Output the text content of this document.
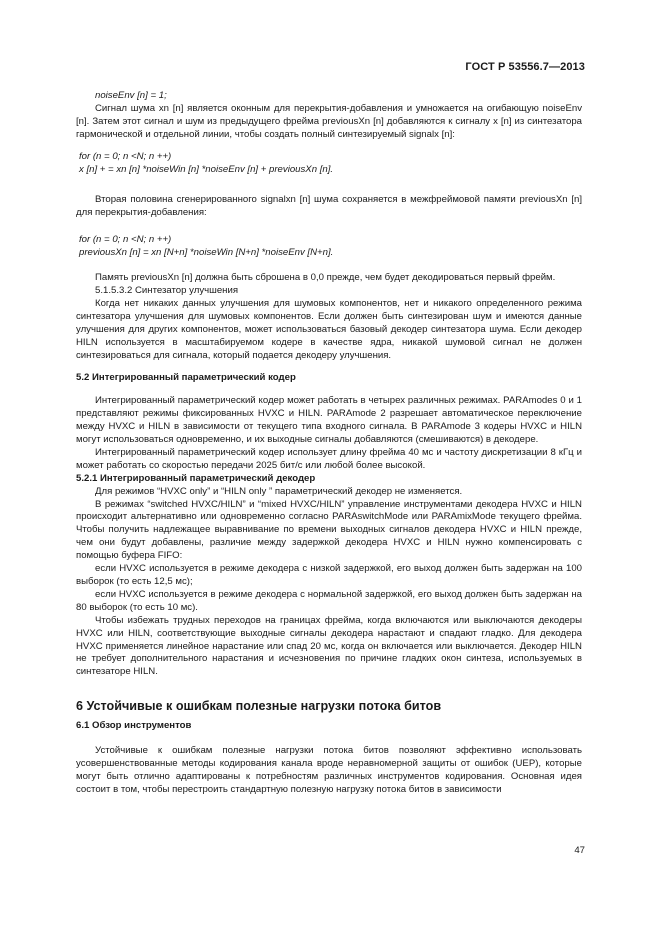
ГОСТ Р 53556.7—2013

noiseEnv [n] = 1;

Сигнал шума xn [n] является оконным для перекрытия-добавления и умножается на огибающую noiseEnv [n]. Затем этот сигнал и шум из предыдущего фрейма previousXn [n] добавляются к сигналу x [n] из синтезатора гармонической и отдельной линии, чтобы создать полный синтезируемый signalx [n]:

for (n = 0; n <N; n ++)

x [n] + = xn [n] *noiseWin [n] *noiseEnv [n] + previousXn [n].

Вторая половина сгенерированного signalxn [n] шума сохраняется в межфреймовой памяти previousXn [n] для перекрытия-добавления:

for (n = 0; n <N; n ++)

previousXn [n] = xn [N+n] *noiseWin [N+n] *noiseEnv [N+n].

Память previousXn [n] должна быть сброшена в 0,0 прежде, чем будет декодироваться первый фрейм.

5.1.5.3.2 Синтезатор улучшения

Когда нет никаких данных улучшения для шумовых компонентов, нет и никакого определенного режима синтезатора улучшения для шумовых компонентов. Если должен быть синтезирован шум и имеются данные улучшения для других компонентов, может использоваться базовый декодер синтезатора шума. Если декодер HILN используется в масштабируемом кодере в качестве ядра, никакой шумовой сигнал не должен синтезироваться для сигнала, который подается декодеру улучшения.

5.2 Интегрированный параметрический кодер

Интегрированный параметрический кодер может работать в четырех различных режимах. PARAmodes 0 и 1 представляют режимы фиксированных HVXC и HILN. PARAmode 2 разрешает автоматическое переключение между HVXC и HILN в зависимости от текущего типа входного сигнала. В PARAmode 3 кодеры HVXC и HILN могут использоваться одновременно, и их выходные сигналы добавляются (смешиваются) в декодере.

Интегрированный параметрический кодер использует длину фрейма 40 мс и частоту дискретизации 8 кГц и может работать со скоростью передачи 2025 бит/с или любой более высокой.

5.2.1 Интегрированный параметрический декодер

Для режимов “HVXC only” и “HILN only ” параметрический декодер не изменяется.

В режимах “switched HVXC/HILN” и “mixed HVXC/HILN” управление инструментами декодера HVXC и HILN происходит альтернативно или одновременно согласно PARAswitchMode или PARAmixMode текущего фрейма. Чтобы получить надлежащее выравнивание по времени выходных сигналов декодера HVXC и HILN прежде, чем они будут добавлены, различие между задержкой декодера HVXC и HILN нужно компенсировать с помощью буфера FIFO:

если HVXC используется в режиме декодера с низкой задержкой, его выход должен быть задержан на 100 выборок (то есть 12,5 мс);

если HVXC используется в режиме декодера с нормальной задержкой, его выход должен быть задержан на 80 выборок (то есть 10 мс).

Чтобы избежать трудных переходов на границах фрейма, когда включаются или выключаются декодеры HVXC или HILN, соответствующие выходные сигналы декодера нарастают и спадают гладко. Для декодера HVXC применяется линейное нарастание или спад 20 мс, когда он включается или выключается. Декодер HILN не требует дополнительного нарастания и исчезновения по причине гладких окон синтеза, используемых в синтезаторе HILN.

6 Устойчивые к ошибкам полезные нагрузки потока битов

6.1 Обзор инструментов

Устойчивые к ошибкам полезные нагрузки потока битов позволяют эффективно использовать усовершенствованные методы кодирования канала вроде неравномерной защиты от ошибок (UEP), которые могут быть отлично адаптированы к потребностям различных инструментов кодирования. Основная идея состоит в том, чтобы перестроить стандартную полезную нагрузку потока битов в зависимости

47
